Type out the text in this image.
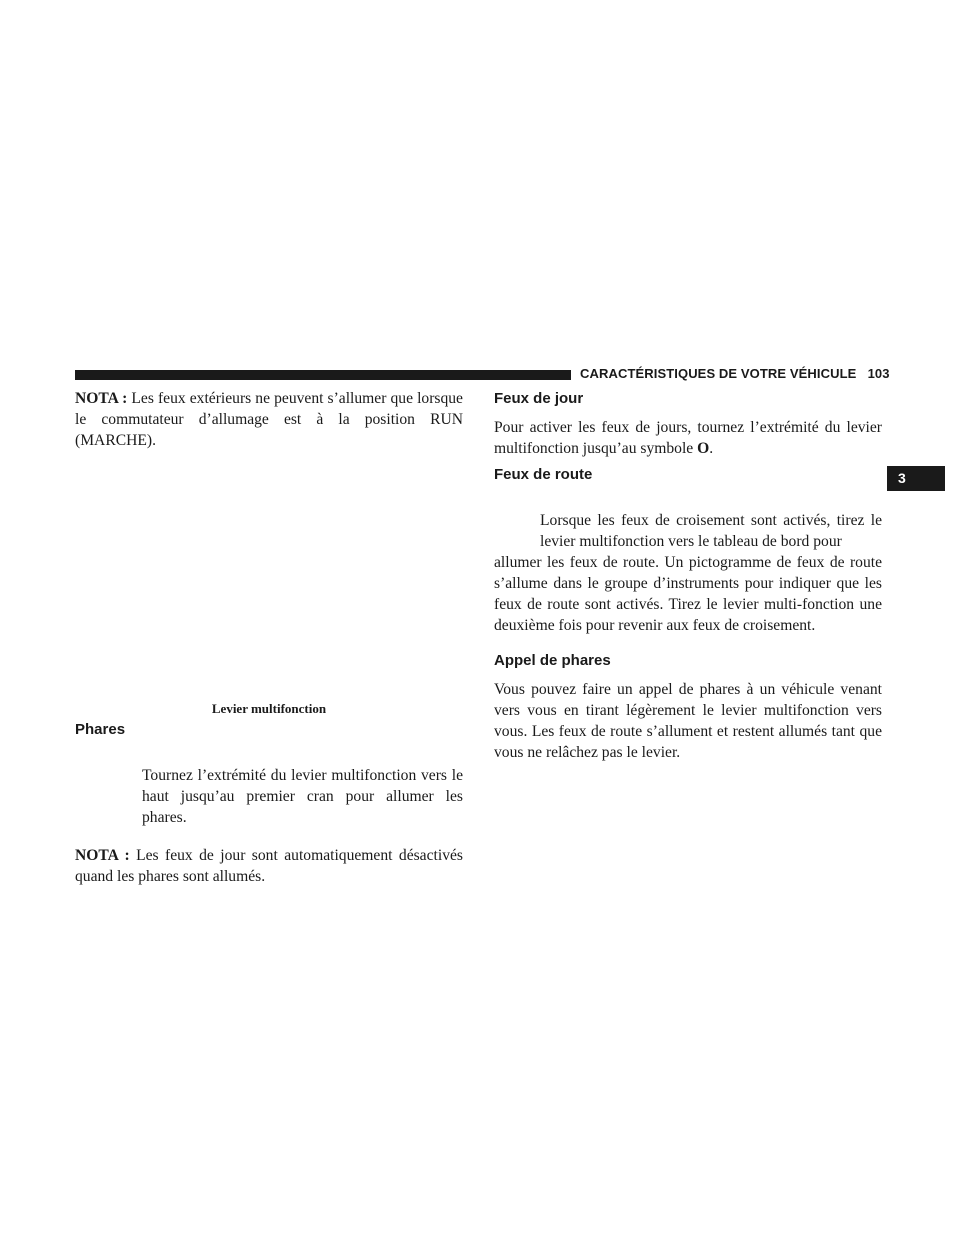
CARACTÉRISTIQUES DE VOTRE VÉHICULE 103
3

NOTA : Les feux extérieurs ne peuvent s’allumer que lorsque le commutateur d’allumage est à la position RUN (MARCHE).

Levier multifonction
Phares

Tournez l’extrémité du levier multifonction vers le haut jusqu’au premier cran pour allumer les phares.

NOTA : Les feux de jour sont automatiquement désactivés quand les phares sont allumés.

Feux de jour

Pour activer les feux de jours, tournez l’extrémité du levier multifonction jusqu’au symbole O.

Feux de route

Lorsque les feux de croisement sont activés, tirez le levier multifonction vers le tableau de bord pour

allumer les feux de route. Un pictogramme de feux de route s’allume dans le groupe d’instruments pour indiquer que les feux de route sont activés. Tirez le levier multi-fonction une deuxième fois pour revenir aux feux de croisement.

Appel de phares

Vous pouvez faire un appel de phares à un véhicule venant vers vous en tirant légèrement le levier multifonction vers vous. Les feux de route s’allument et restent allumés tant que vous ne relâchez pas le levier.
